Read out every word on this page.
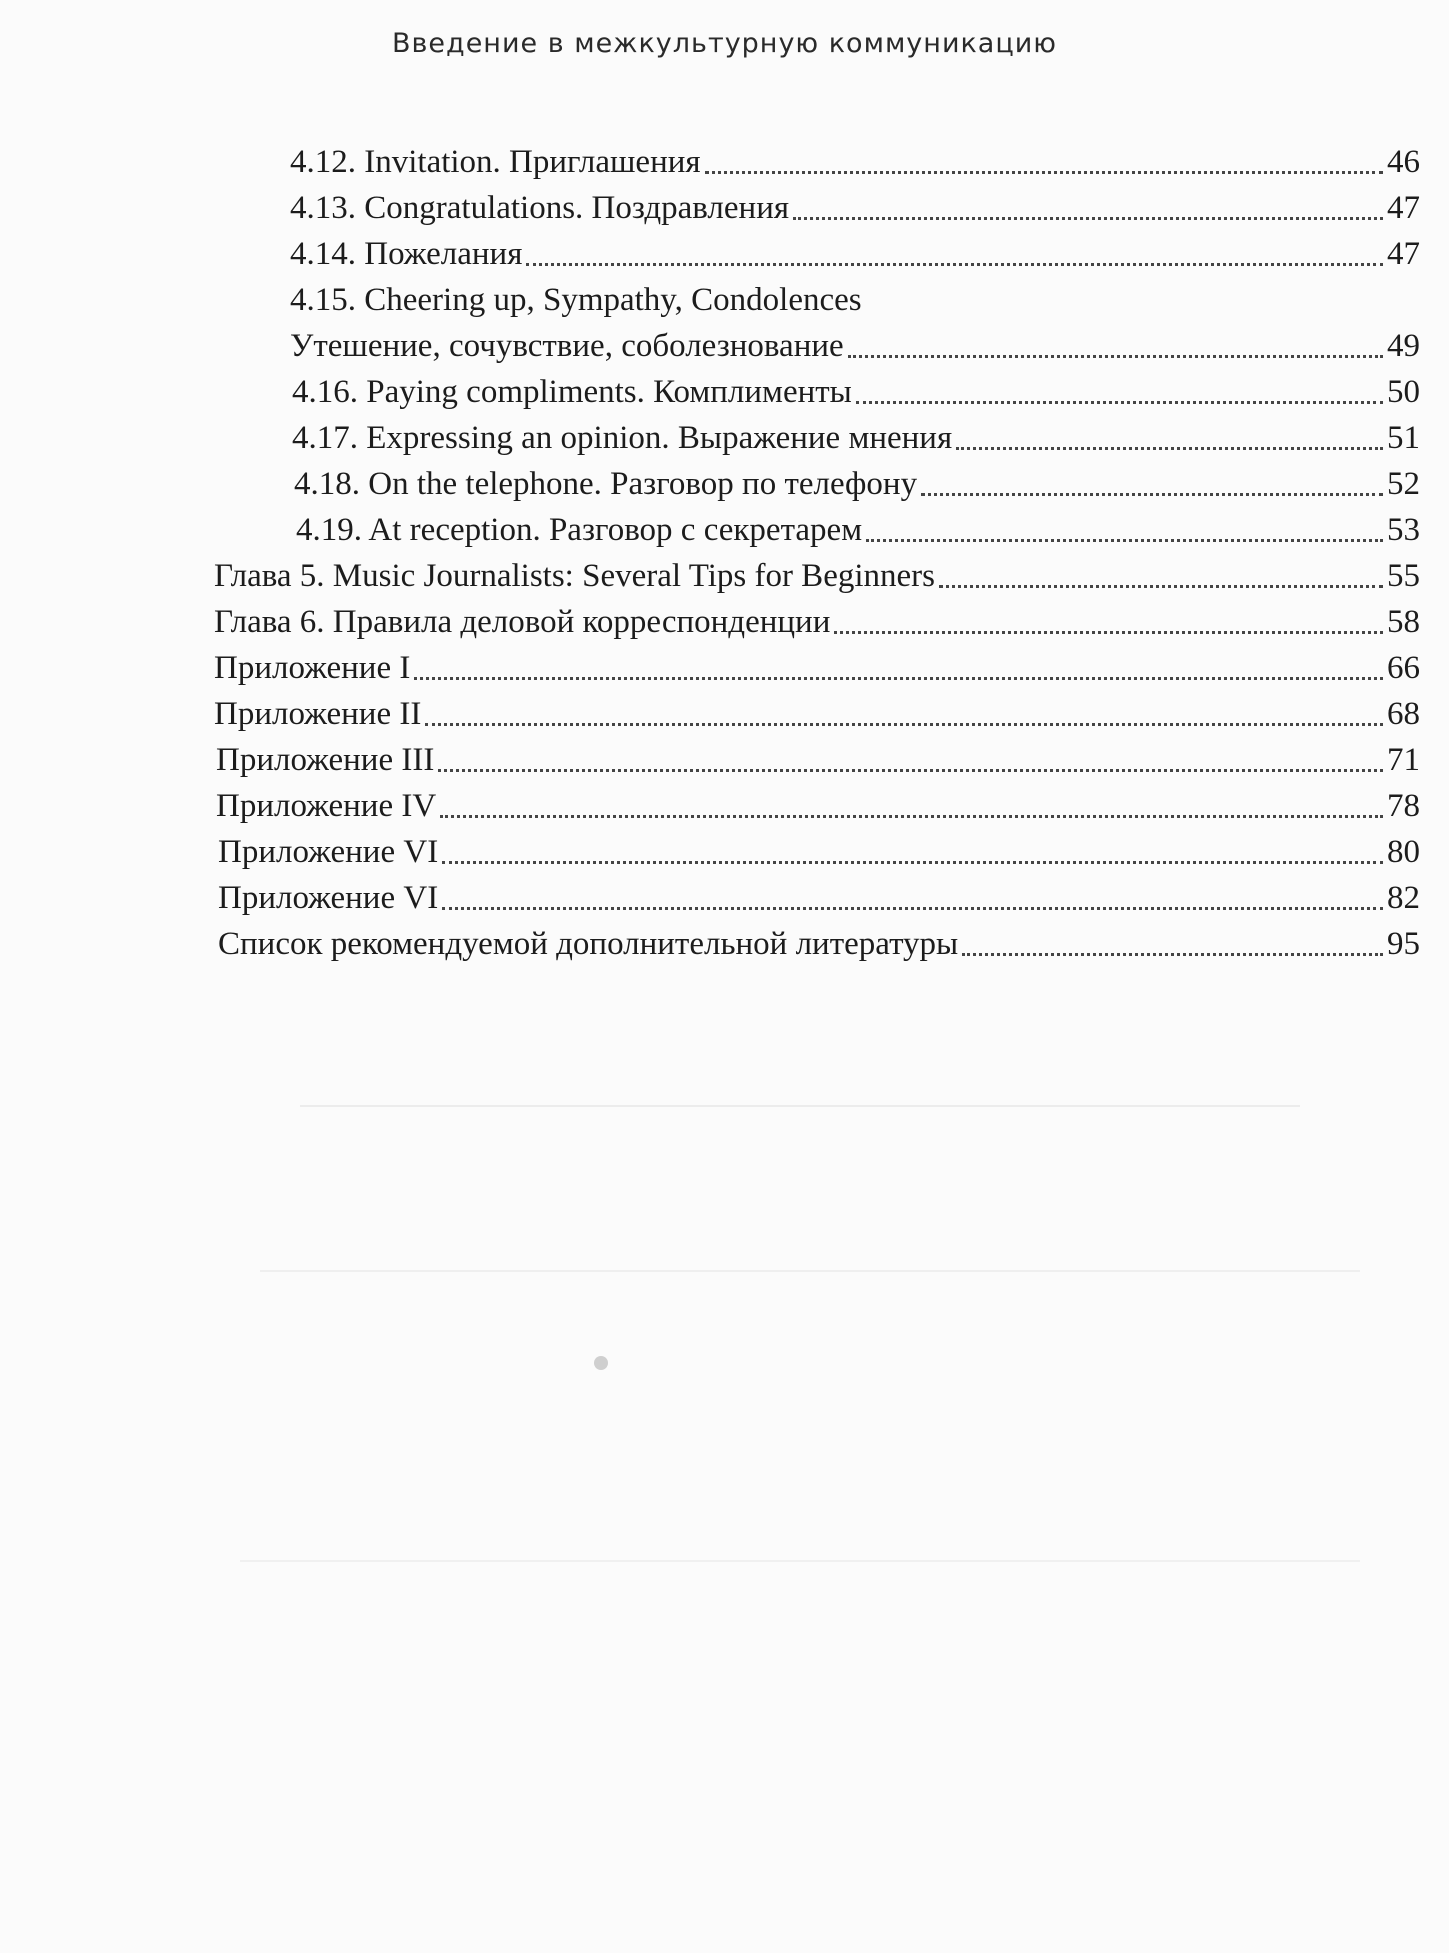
Введение в межкультурную коммуникацию
4.12. Invitation. Приглашения	46
4.13. Congratulations. Поздравления	47
4.14. Пожелания	47
4.15. Cheering up, Sympathy, Condolences
Утешение, сочувствие, соболезнование	49
4.16. Paying compliments. Комплименты	50
4.17. Expressing an opinion. Выражение мнения	51
4.18. On the telephone. Разговор по телефону	52
4.19. At reception. Разговор с секретарем	53
Глава 5. Music Journalists: Several Tips for Beginners	55
Глава 6. Правила деловой корреспонденции	58
Приложение I	66
Приложение II	68
Приложение III	71
Приложение IV	78
Приложение VI	80
Приложение VI	82
Список рекомендуемой дополнительной литературы	95
